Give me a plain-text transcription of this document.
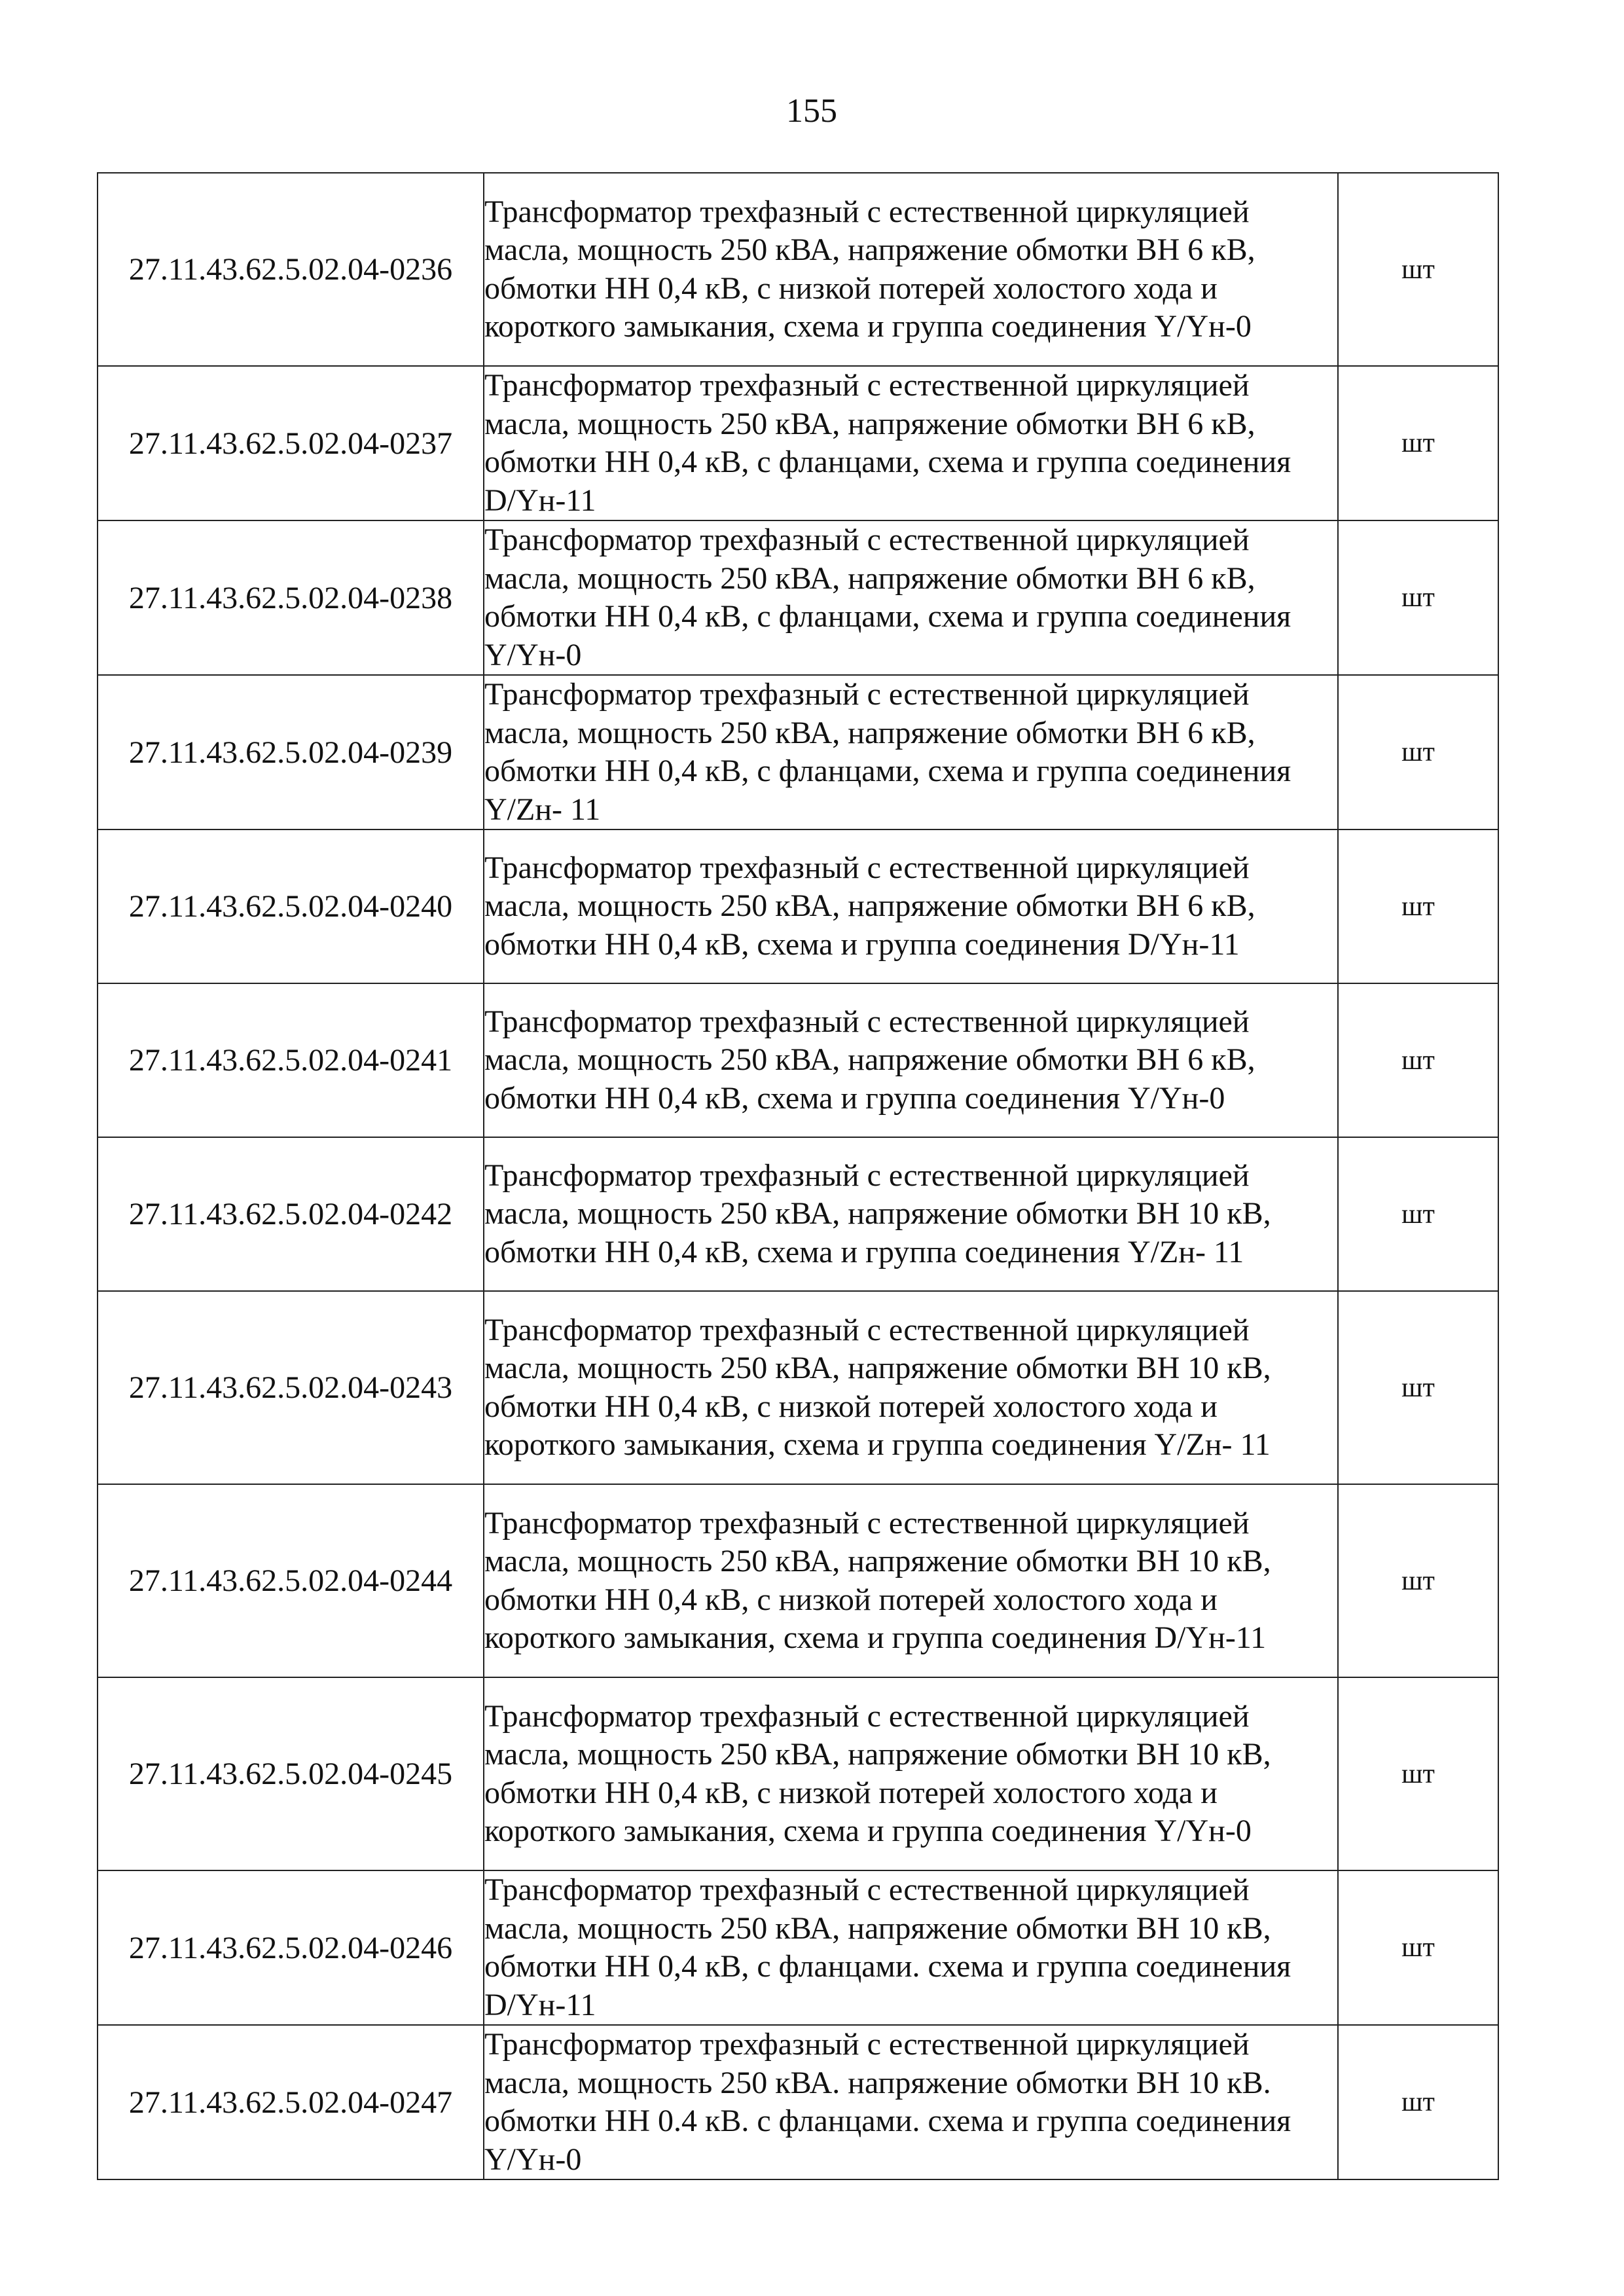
155
27.11.43.62.5.02.04-0236	Трансформатор трехфазный с естественной циркуляцией масла, мощность 250 кВА, напряжение обмотки ВН 6 кВ, обмотки НН 0,4 кВ, с низкой потерей холостого хода и короткого замыкания, схема и группа соединения Y/Yн-0	шт
27.11.43.62.5.02.04-0237	Трансформатор трехфазный с естественной циркуляцией масла, мощность 250 кВА, напряжение обмотки ВН 6 кВ, обмотки НН 0,4 кВ, с фланцами, схема и группа соединения D/Yн-11	шт
27.11.43.62.5.02.04-0238	Трансформатор трехфазный с естественной циркуляцией масла, мощность 250 кВА, напряжение обмотки ВН 6 кВ, обмотки НН 0,4 кВ, с фланцами, схема и группа соединения Y/Yн-0	шт
27.11.43.62.5.02.04-0239	Трансформатор трехфазный с естественной циркуляцией масла, мощность 250 кВА, напряжение обмотки ВН 6 кВ, обмотки НН 0,4 кВ, с фланцами, схема и группа соединения Y/Zн- 11	шт
27.11.43.62.5.02.04-0240	Трансформатор трехфазный с естественной циркуляцией масла, мощность 250 кВА, напряжение обмотки ВН 6 кВ, обмотки НН 0,4 кВ, схема и группа соединения D/Yн-11	шт
27.11.43.62.5.02.04-0241	Трансформатор трехфазный с естественной циркуляцией масла, мощность 250 кВА, напряжение обмотки ВН 6 кВ, обмотки НН 0,4 кВ, схема и группа соединения Y/Yн-0	шт
27.11.43.62.5.02.04-0242	Трансформатор трехфазный с естественной циркуляцией масла, мощность 250 кВА, напряжение обмотки ВН 10 кВ, обмотки НН 0,4 кВ, схема и группа соединения Y/Zн- 11	шт
27.11.43.62.5.02.04-0243	Трансформатор трехфазный с естественной циркуляцией масла, мощность 250 кВА, напряжение обмотки ВН 10 кВ, обмотки НН 0,4 кВ, с низкой потерей холостого хода и короткого замыкания, схема и группа соединения Y/Zн- 11	шт
27.11.43.62.5.02.04-0244	Трансформатор трехфазный с естественной циркуляцией масла, мощность 250 кВА, напряжение обмотки ВН 10 кВ, обмотки НН 0,4 кВ, с низкой потерей холостого хода и короткого замыкания, схема и группа соединения D/Yн-11	шт
27.11.43.62.5.02.04-0245	Трансформатор трехфазный с естественной циркуляцией масла, мощность 250 кВА, напряжение обмотки ВН 10 кВ, обмотки НН 0,4 кВ, с низкой потерей холостого хода и короткого замыкания, схема и группа соединения Y/Yн-0	шт
27.11.43.62.5.02.04-0246	Трансформатор трехфазный с естественной циркуляцией масла, мощность 250 кВА, напряжение обмотки ВН 10 кВ, обмотки НН 0,4 кВ, с фланцами. схема и группа соединения D/Yн-11	шт
27.11.43.62.5.02.04-0247	Трансформатор трехфазный с естественной циркуляцией масла, мощность 250 кВА. напряжение обмотки ВН 10 кВ. обмотки НН 0.4 кВ. с фланцами. схема и группа соединения Y/Yн-0	шт
